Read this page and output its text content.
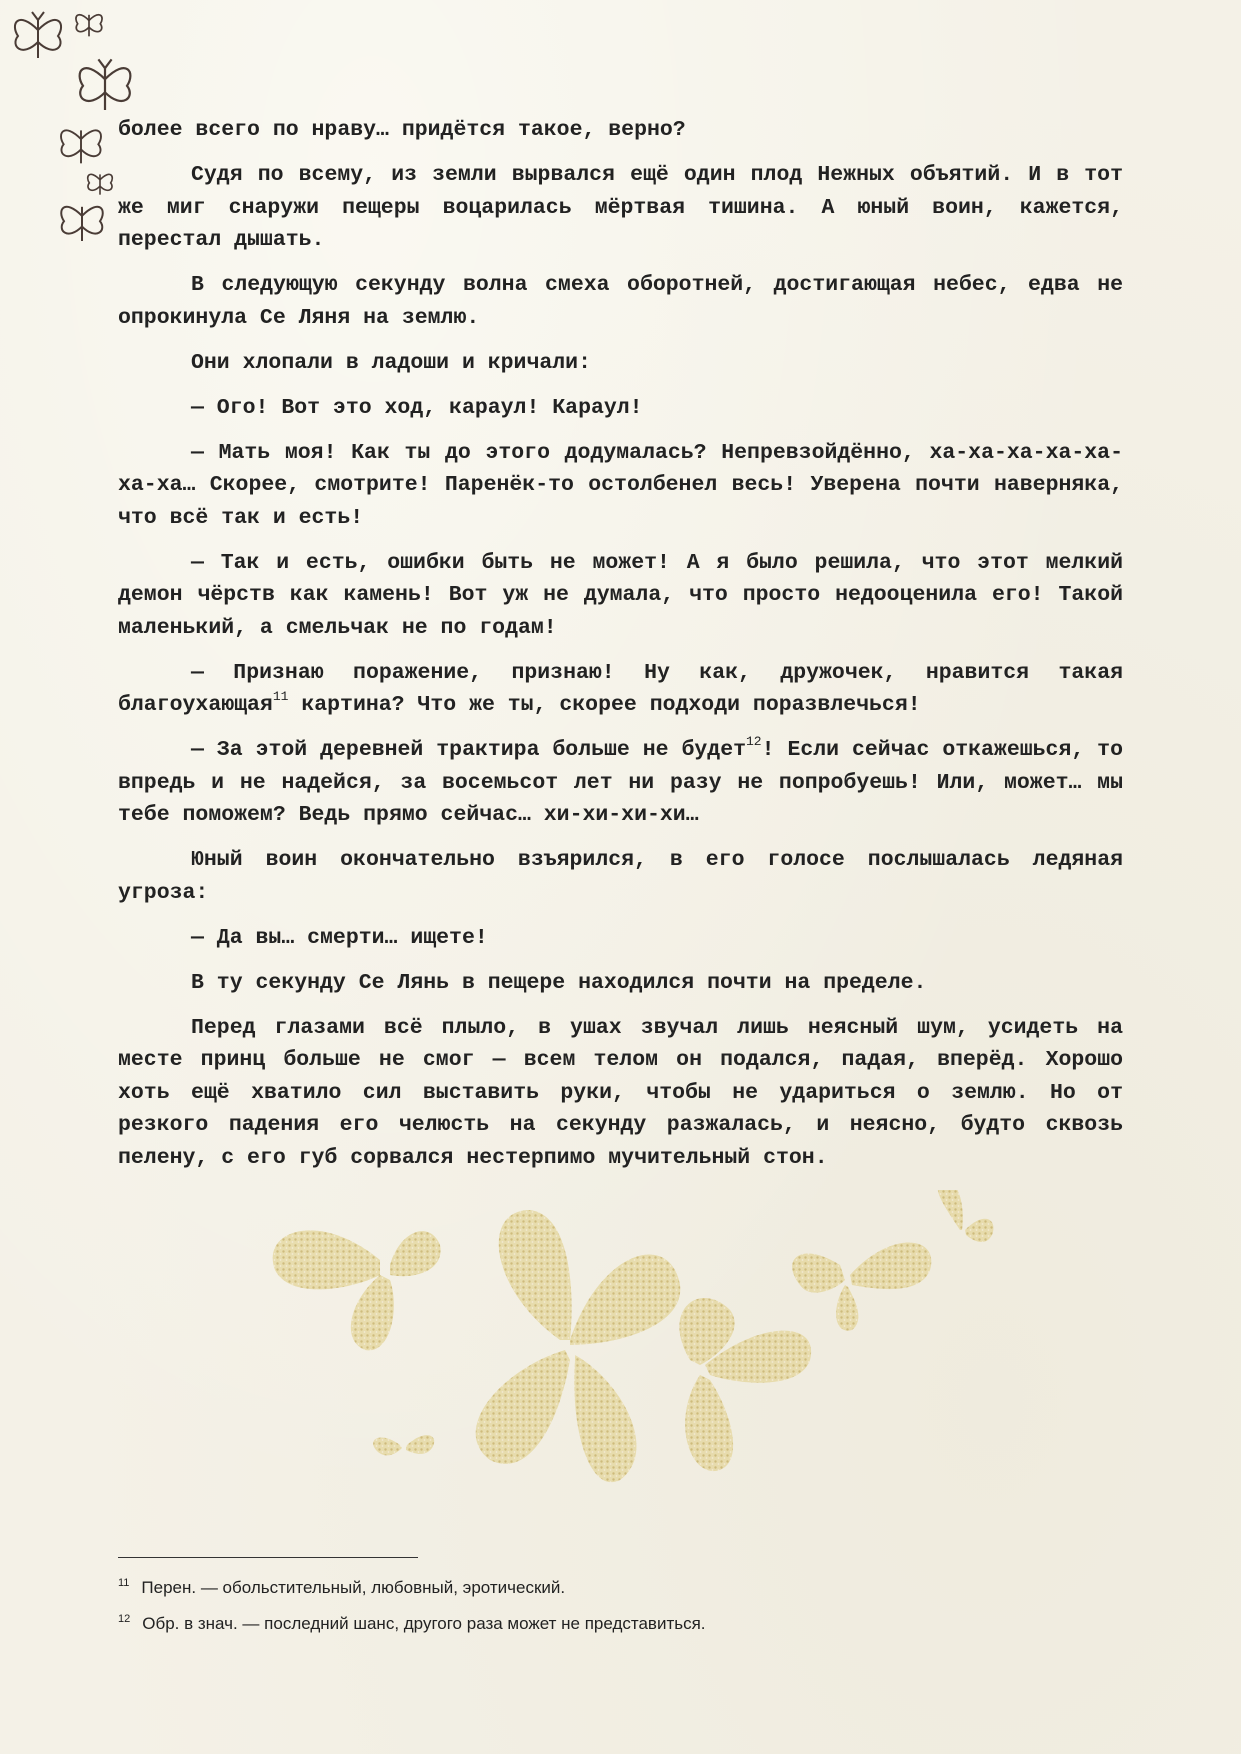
более всего по нраву… придётся такое, верно?

Судя по всему, из земли вырвался ещё один плод Нежных объятий. И в тот же миг снаружи пещеры воцарилась мёртвая тишина. А юный воин, кажется, перестал дышать.

В следующую секунду волна смеха оборотней, достигающая небес, едва не опрокинула Се Ляня на землю.

Они хлопали в ладоши и кричали:

— Ого! Вот это ход, караул! Караул!

— Мать моя! Как ты до этого додумалась? Непревзойдённо, ха-ха-ха-ха-ха-ха-ха… Скорее, смотрите! Паренёк-то остолбенел весь! Уверена почти наверняка, что всё так и есть!

— Так и есть, ошибки быть не может! А я было решила, что этот мелкий демон чёрств как камень! Вот уж не думала, что просто недооценила его! Такой маленький, а смельчак не по годам!

— Признаю поражение, признаю! Ну как, дружочек, нравится такая благоухающая$^{11}$ картина? Что же ты, скорее подходи поразвлечься!

— За этой деревней трактира больше не будет$^{12}$! Если сейчас откажешься, то впредь и не надейся, за восемьсот лет ни разу не попробуешь! Или, может… мы тебе поможем? Ведь прямо сейчас… хи-хи-хи-хи…

Юный воин окончательно взъярился, в его голосе послышалась ледяная угроза:

— Да вы… смерти… ищете!

В ту секунду Се Лянь в пещере находился почти на пределе.

Перед глазами всё плыло, в ушах звучал лишь неясный шум, усидеть на месте принц больше не смог — всем телом он подался, падая, вперёд. Хорошо хоть ещё хватило сил выставить руки, чтобы не удариться о землю. Но от резкого падения его челюсть на секунду разжалась, и неясно, будто сквозь пелену, с его губ сорвался нестерпимо мучительный стон.

$^{11}$ Перен. — обольстительный, любовный, эротический.
$^{12}$ Обр. в знач. — последний шанс, другого раза может не представиться.
